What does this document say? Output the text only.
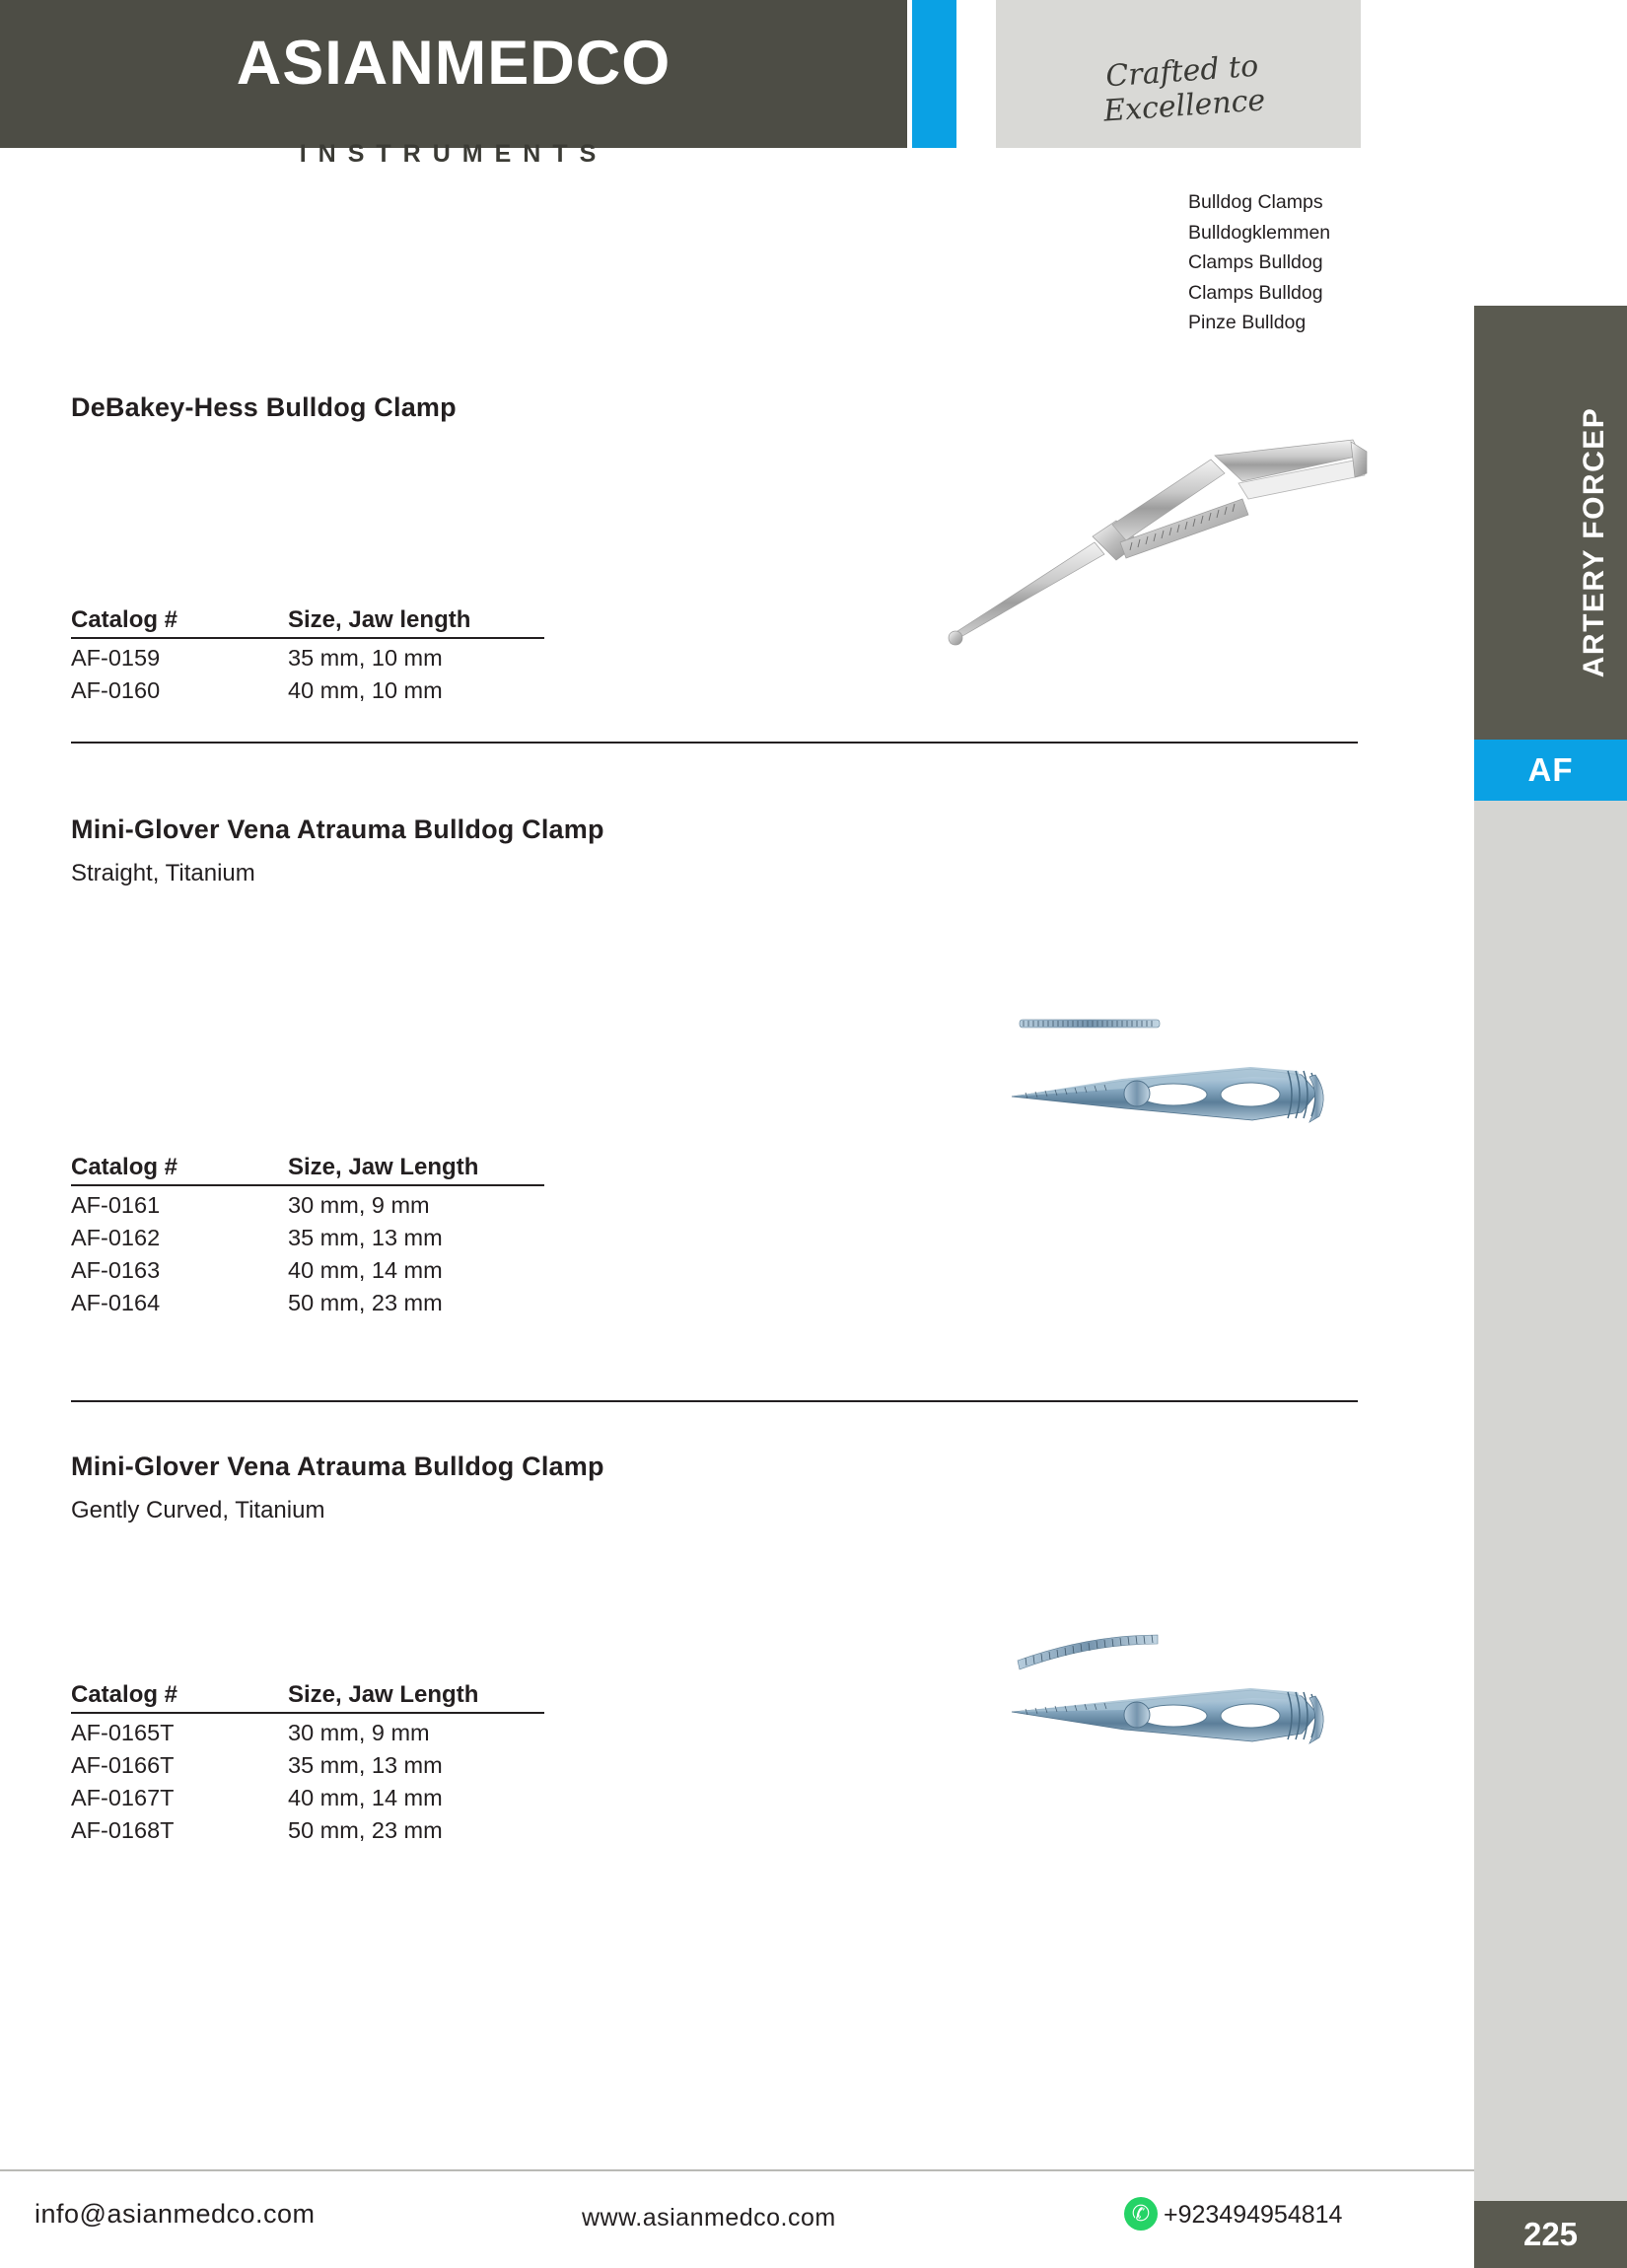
ASIANMEDCO
INSTRUMENTS
Crafted to Excellence
Bulldog Clamps
Bulldogklemmen
Clamps Bulldog
Clamps Bulldog
Pinze Bulldog
ARTERY FORCEP
AF
DeBakey-Hess Bulldog Clamp
Catalog #	Size, Jaw length
AF-0159	35 mm, 10 mm
AF-0160	40 mm, 10 mm
Mini-Glover Vena Atrauma Bulldog Clamp
Straight, Titanium
Catalog #	Size, Jaw Length
AF-0161	30 mm, 9 mm
AF-0162	35 mm, 13 mm
AF-0163	40 mm, 14 mm
AF-0164	50 mm, 23 mm
Mini-Glover Vena Atrauma Bulldog Clamp
Gently Curved, Titanium
Catalog #	Size, Jaw Length
AF-0165T	30 mm, 9 mm
AF-0166T	35 mm, 13 mm
AF-0167T	40 mm, 14 mm
AF-0168T	50 mm, 23 mm
info@asianmedco.com	www.asianmedco.com	✆ +923494954814
225
